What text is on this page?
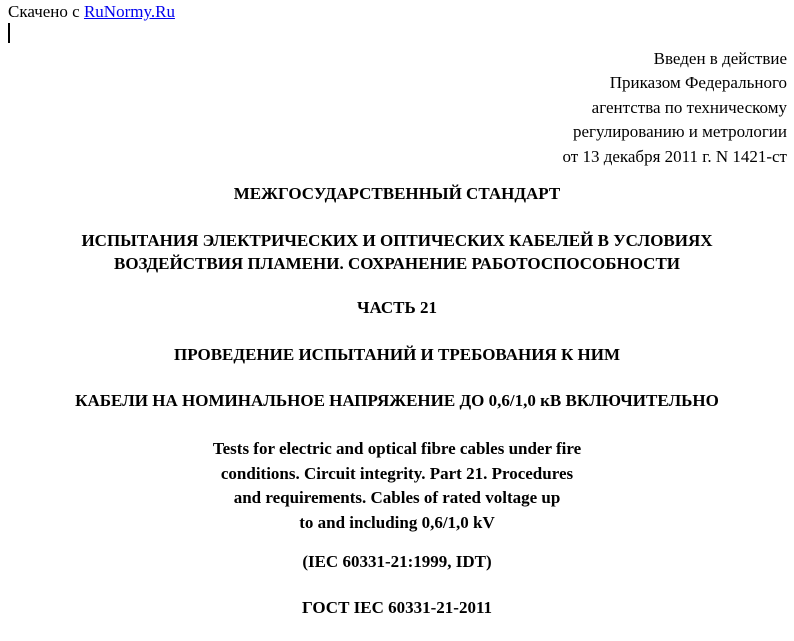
Скачено с RuNormy.Ru
Введен в действие
Приказом Федерального
агентства по техническому
регулированию и метрологии
от 13 декабря 2011 г. N 1421-ст
МЕЖГОСУДАРСТВЕННЫЙ СТАНДАРТ
ИСПЫТАНИЯ ЭЛЕКТРИЧЕСКИХ И ОПТИЧЕСКИХ КАБЕЛЕЙ В УСЛОВИЯХ
ВОЗДЕЙСТВИЯ ПЛАМЕНИ. СОХРАНЕНИЕ РАБОТОСПОСОБНОСТИ
ЧАСТЬ 21
ПРОВЕДЕНИЕ ИСПЫТАНИЙ И ТРЕБОВАНИЯ К НИМ
КАБЕЛИ НА НОМИНАЛЬНОЕ НАПРЯЖЕНИЕ ДО 0,6/1,0 кВ ВКЛЮЧИТЕЛЬНО
Tests for electric and optical fibre cables under fire
conditions. Circuit integrity. Part 21. Procedures
and requirements. Cables of rated voltage up
to and including 0,6/1,0 kV
(IEC 60331-21:1999, IDT)
ГОСТ IEC 60331-21-2011
